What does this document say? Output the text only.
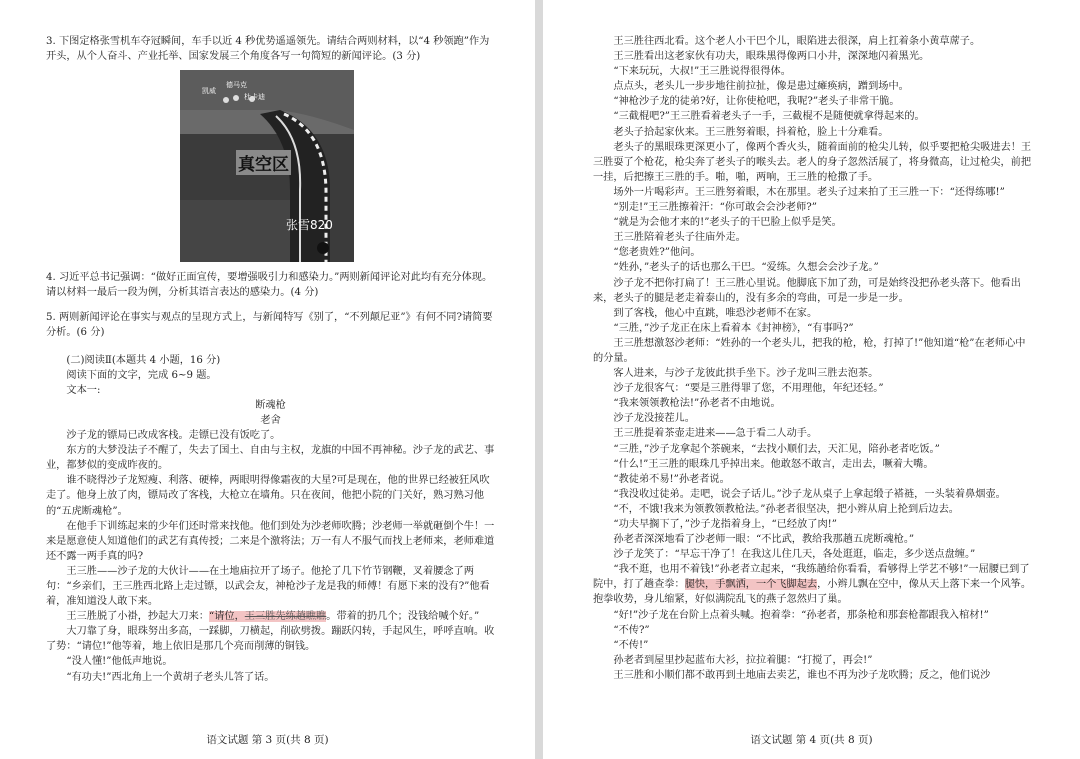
3. 下图定格张雪机车夺冠瞬间，车手以近 4 秒优势遥遥领先。请结合两则材料，以“4 秒领跑”作为开头，从个人奋斗、产业托举、国家发展三个角度各写一句简短的新闻评论。(3 分)

凯威
德马克
杜卡迪
真空区
张雪820

4. 习近平总书记强调：“做好正面宣传，要增强吸引力和感染力。”两则新闻评论对此均有充分体现。请以材料一最后一段为例，分析其语言表达的感染力。(4 分)

5. 两则新闻评论在事实与观点的呈现方式上，与新闻特写《别了，“不列颠尼亚”》有何不同?请简要分析。(6 分)

(二)阅读Ⅱ(本题共 4 小题，16 分)

阅读下面的文字，完成 6~9 题。

文本一:

断魂枪

老舍

沙子龙的镖局已改成客栈。走镖已没有饭吃了。

东方的大梦没法子不醒了，失去了国土、自由与主权，龙旗的中国不再神秘。沙子龙的武艺、事业，都梦似的变成昨夜的。

谁不晓得沙子龙短瘦、利落、硬棒，两眼明得像霜夜的大星?可是现在，他的世界已经被狂风吹走了。他身上放了肉，镖局改了客栈，大枪立在墙角。只在夜间，他把小院的门关好，熟习熟习他的“五虎断魂枪”。

在他手下训练起来的少年们还时常来找他。他们到处为沙老师吹腾；沙老师一举就砸倒个牛！一来是愿意使人知道他们的武艺有真传授；二来是个激将法；万一有人不服气而找上老师来，老师难道还不露一两手真的吗?

王三胜——沙子龙的大伙计——在土地庙拉开了场子。他抡了几下竹节钢鞭，叉着腰念了两句：“乡亲们，王三胜西北路上走过镖，以武会友，神枪沙子龙是我的师傅！有愿下来的没有?”他看着，准知道没人敢下来。

王三胜脱了小褂，抄起大刀来：“请位，王三胜先练趟瞧瞧。带着的扔几个；没钱给喊个好。”

大刀靠了身，眼珠努出多高，一踩脚，刀横起，削砍劈拨。蹦跃闪转，手起风生，呼呼直响。收了势：“请位!”他等着，地上依旧是那几个亮而削薄的铜钱。

“没人懂!”他低声地说。

“有功夫!”西北角上一个黄胡子老头儿答了话。

语文试题 第 3 页(共 8 页)

王三胜往西北看。这个老人小干巴个儿，眼陷进去很深，肩上扛着条小黄草蓆子。

王三胜看出这老家伙有功夫，眼珠黑得像两口小井，深深地闪着黑光。

“下来玩玩，大叔!”王三胜说得很得体。

点点头，老头儿一步步地往前拉扯，像是患过瘫痪病，蹭到场中。

“神枪沙子龙的徒弟?好，让你使枪吧，我呢?”老头子非常干脆。

“三截棍吧?”王三胜看着老头子一手，三截棍不是随便就拿得起来的。

老头子拾起家伙来。王三胜努着眼，抖着枪，脸上十分难看。

老头子的黑眼珠更深更小了，像两个香火头，随着面前的枪尖儿转，似乎要把枪尖吸进去！王三胜耍了个枪花，枪尖奔了老头子的喉头去。老人的身子忽然活展了，将身微高，让过枪尖，前把一挂，后把擦王三胜的手。啪，啪，两响，王三胜的枪撒了手。

场外一片喝彩声。王三胜努着眼，木在那里。老头子过来拍了王三胜一下：“还得练哪!”

“别走!”王三胜擦着汗：“你可敢会会沙老师?”

“就是为会他才来的!”老头子的干巴脸上似乎是笑。

王三胜陪着老头子往庙外走。

“您老贵姓?”他问。

“姓孙，”老头子的话也那么干巴。“爱练。久想会会沙子龙。”

沙子龙不把你打扁了！王三胜心里说。他脚底下加了劲，可是始终没把孙老头落下。他看出来，老头子的腿是老走着泰山的，没有多余的弯曲，可是一步是一步。

到了客栈，他心中直跳，唯恐沙老师不在家。

“三胜，”沙子龙正在床上看着本《封神榜》，“有事吗?”

王三胜想激怒沙老师：“姓孙的一个老头儿，把我的枪，枪，打掉了!”他知道“枪”在老师心中的分量。

客人进来，与沙子龙彼此拱手坐下。沙子龙叫三胜去泡茶。

沙子龙很客气：“要是三胜得罪了您，不用理他，年纪还轻。”

“我来领领教枪法!”孙老者不由地说。

沙子龙没接茬儿。

王三胜提着茶壶走进来——急于看二人动手。

“三胜，”沙子龙拿起个茶碗来，“去找小顺们去，天汇见，陪孙老者吃饭。”

“什么!”王三胜的眼珠几乎掉出来。他敢怒不敢言，走出去，噘着大嘴。

“教徒弟不易!”孙老者说。

“我没收过徒弟。走吧，说会子话儿。”沙子龙从桌子上拿起缎子褡裢，一头装着鼻烟壶。

“不，不饿!我来为领教领教枪法。”孙老者很坚决，把小辫从肩上抡到后边去。

“功夫早搁下了，”沙子龙指着身上，“已经放了肉!”

孙老者深深地看了沙老师一眼：“不比武，教给我那趟五虎断魂枪。”

沙子龙笑了：“早忘干净了！在我这儿住几天，各处逛逛，临走，多少送点盘缠。”

“我不逛，也用不着钱!”孙老者立起来，“我练趟给你看看，看够得上学艺不够!”一屈腰已到了院中，打了趟查拳：腿快，手飘洒，一个飞脚起去，小辫儿飘在空中，像从天上落下来一个风筝。抱拳收势，身儿缩紧，好似满院乱飞的燕子忽然归了巢。

“好!”沙子龙在台阶上点着头喊。抱着拳：“孙老者，那条枪和那套枪都跟我入棺材!”

“不传?”

“不传!”

孙老者到屋里抄起蓝布大衫，拉拉着腿：“打搅了，再会!”

王三胜和小顺们都不敢再到土地庙去卖艺，谁也不再为沙子龙吹腾；反之，他们说沙

语文试题 第 4 页(共 8 页)
